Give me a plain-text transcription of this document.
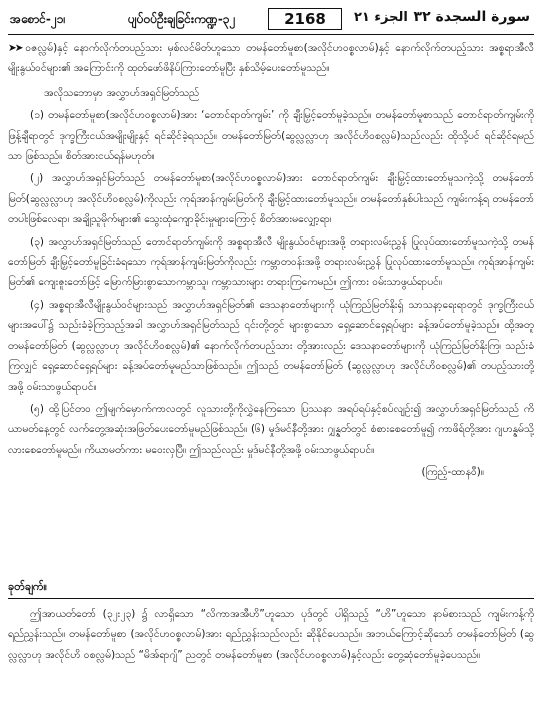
အစောင်-၂၁၊	ပျပ်ဝပ်ဦးချခြင်းကဏ္ဍ-၃၂	2168	الجزء ٢١ سورة السجدة ٣٢

➤➤ ဝဇလ္လမ်)နှင့် နောက်လိုက်တပည့်သား မှစ်လင်မိတ်ဟူသော တမန်တော်မူစာ(အလိုင်ဟဝစ္စလာမ်)နှင့် နောက်လိုက်တပည့်သား အစ္စရာအီလီမျိုးနွယ်ဝင်များ၏ အကြောင်းကို ထုတ်ဖော်ဖိနိပ်ကြားတော်မူပြီး နှစ်သိမ့်ပေးတော်မူသည်။

အလိုသဘောမှာ အလွှာဟ်အရှင်မြတ်သည်

(၁) တမန်တော်မူစာ(အလိုင်ဟဝစ္စလာမ်)အား ‘တောင်ရာတ်ကျမ်း’ ကို ချီးမြှင့်တော်မူခဲ့သည်။ တမန်တော်မူစာသည် တောင်ရာတ်ကျမ်းကို ဖြန့်ချီရာတွင် ဒုက္ခကြီးငယ်အမျိုးမျိုးနှင့် ရင်ဆိုင်ခဲ့ရသည်။ တမန်တော်မြတ်(ဆွလ္လလ္လာဟု အလိုင်ဟိဝစလ္လမ်)သည်လည်း ထိုသို့ပင် ရင်ဆိုင်ရမည်သာ ဖြစ်သည်။ စိတ်အားငယ်ရန်မဟုတ်။

(၂) အလွှာဟ်အရှင်မြတ်သည် တမန်တော်မူစာ(အလိုင်ဟဝစ္စလာမ်)အား တောင်ရာတ်ကျမ်း ချီးမြှင့်ထားတော်မူသကဲ့သို့ တမန်တော်မြတ်(ဆွလ္လလ္လာဟု အလိုင်ဟိဝစလ္လမ်)ကိုလည်း ကုရ်အာန်ကျမ်းမြတ်ကို ချီးမြှင့်ထားတော်မူသည်။ တမန်တော်နှစ်ပါးသည် ကျမ်းကန့်ရ တမန်တော်တပါးဖြစ်လေရာ၊ အချို့သူမိုက်များ၏ သွေးထုံကျောခိုင်းမှုများကြောင့် စိတ်အားမလျှော့ရာ၊

(၃) အလွှာဟ်အရှင်မြတ်သည် တောင်ရာတ်ကျမ်းကို အစ္စရာအီလီ မျိုးနွယ်ဝင်များအဖို့ တရားလမ်းညွှန် ပြုလုပ်ထားတော်မူသကဲ့သို့ တမန်တော်မြတ် ချီးမြှင့်တော်မူခြင်းခံရသော ကုရ်အာန်ကျမ်းမြတ်ကိုလည်း ကမ္ဘာတဝန်းအဖို့ တရားလမ်းညွှန် ပြုလုပ်ထားတော်မူသည်။ ကုရ်အာန်ကျမ်းမြတ်၏ ကျေးဇူးတော်ဖြင့် မြောက်မြားစွာသောကမ္ဘာသူ၊ ကမ္ဘာသားများ တရားကြကေမည်။ ဤကား ဝမ်းသာဖွယ်ရာပင်။

(၄) အစ္စရာအီလီမျိုးနွယ်ဝင်များသည် အလွှာဟ်အရှင်မြတ်၏ ဒေသနာတော်များကို ယုံကြည်မြတ်နိုးရှ် သာသနာ့ရေးရာတွင် ဒုက္ခကြီးငယ်များအပေါ်၌ သည်းခံခဲ့ကြသည့်အခါ အလွှာဟ်အရှင်မြတ်သည် ၎င်းတို့တွင် များစွာသော ရှေ့ဆောင်ရှေ့ရပ်များ ခန့်အပ်တော်မူခဲ့သည်။ ထို့အတူ တမန်တော်မြတ် (ဆွလ္လလ္လာဟု အလိုင်ဟိဝစလ္လမ်)၏ နောက်လိုက်တပည့်သား တို့အားလည်း ဒေသနာတော်များကို ယုံကြည်မြတ်နိုးကြ၊ သည်းခံကြလျှင် ရှေ့ဆောင်ရှေ့ရပ်များ ခန့်အပ်တော်မူမည်သာဖြစ်သည်။ ဤသည် တမန်တော်မြတ် (ဆွလ္လလ္လာဟု အလိုင်ဟိဝစလ္လမ်)၏ တပည့်သားတို့အဖို့ ဝမ်းသာဖွယ်ရာပင်။

(၅) ထို့ပြင်တဝ ဤမျက်မှောက်ကာလတွင် လူသားတို့ကိုလွှဲနေကြသော ပြဿနာ အရပ်ရပ်နှင့်စပ်လျဉ်း၍ အလွှာဟ်အရှင်မြတ်သည် ကိယာမတ်နေ့တွင် လက်တွေ့အဆုံးအဖြတ်ပေးတော်မူမည်ဖြစ်သည်။ (၆) မှုဒ်မင်နီတို့အား ဂျှန္နတ်တွင် စံစားစေတော်မူ၍ ကာဖိရ်တို့အား ဂျဟန္နမ်သို့ လားစေတော်မူမည်။ ကိယာမတ်ကား မဝေးလှပြီ။ ဤသည်လည်း မှုဒ်မင်နီတို့အဖို့ ဝမ်းသာဖွယ်ရာပင်။

(ကြည့်-ထာနဝီ)။

ခုတ်ချက်။

ဤအာယတ်တော် (၃၂း၂၃) ၌ လာရှိသော “လိကာအအီဟိ”ဟူသော ပုဒ်တွင် ပါရှိသည့် “ဟိ”ဟူသော နာမ်စားသည် ကျမ်းကန့်ကိုရည်ညွှန်းသည်။ တမန်တော်မူစာ (အလိုင်ဟဝစ္စလာမ်)အား ရည်ညွှန်းသည်လည်း ဆိုနိုင်ပေသည်။ အဘယ်ကြောင့်ဆိုသော် တမန်တော်မြတ် (ဆွလ္လလ္လာဟု အလိုင်ဟိ ဝစလ္လမ်)သည် “မိအ်ရာဂျ်” ညတွင် တမန်တော်မူစာ (အလိုင်ဟဝစ္စလာမ်)နှင့်လည်း တွေ့ဆုံတော်မူခဲ့ပေသည်။
